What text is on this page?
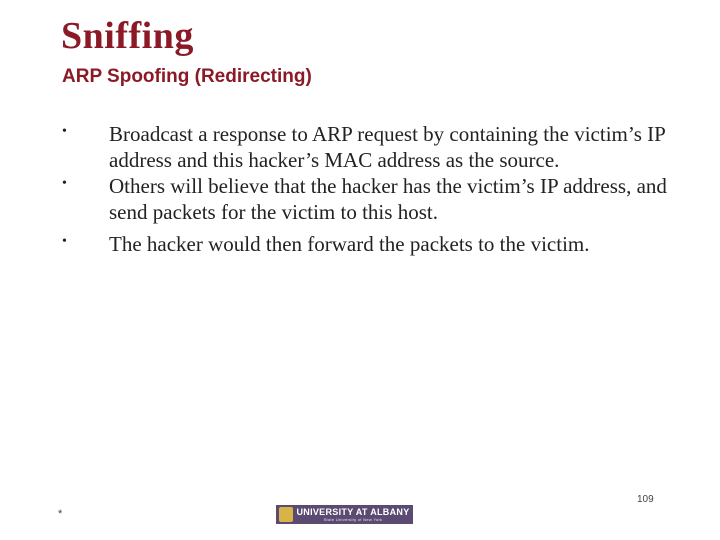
Sniffing
ARP Spoofing (Redirecting)
• Broadcast a response to ARP request by containing the victim’s IP address and this hacker’s MAC address as the source.
• Others will believe that the hacker has the victim’s IP address, and send packets for the victim to this host.
• The hacker would then forward the packets to the victim.
*	UNIVERSITY AT ALBANY
State University of New York
109
